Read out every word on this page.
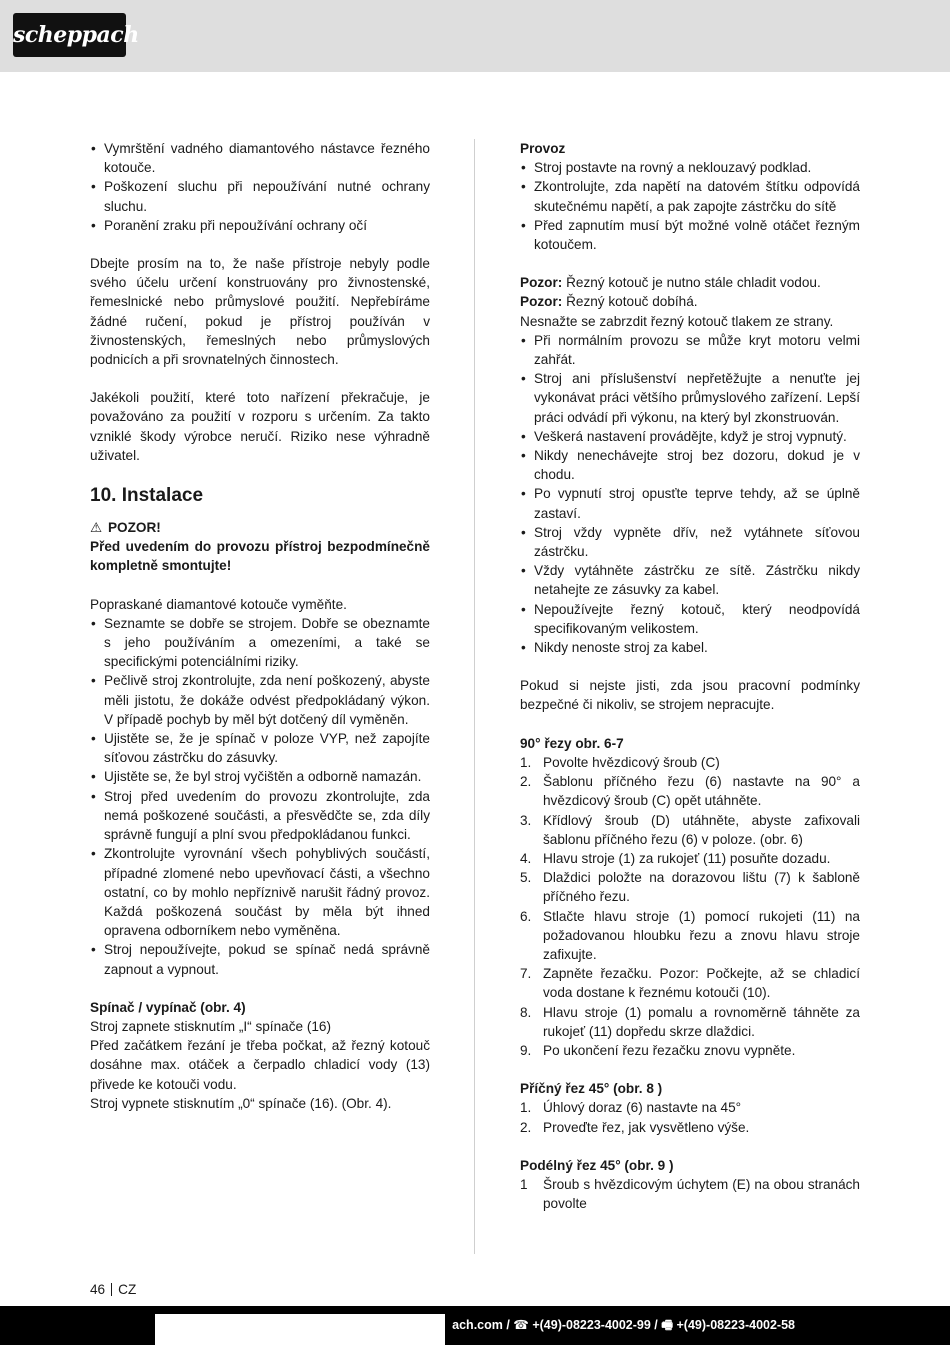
scheppach
• Vymrštění vadného diamantového nástavce řezného kotouče.
• Poškození sluchu při nepoužívání nutné ochrany sluchu.
• Poranění zraku při nepoužívání ochrany očí

Dbejte prosím na to, že naše přístroje nebyly podle svého účelu určení konstruovány pro živnostenské, řemeslnické nebo průmyslové použití. Nepřebíráme žádné ručení, pokud je přístroj používán v živnostenských, řemeslných nebo průmyslových podnicích a při srovnatelných činnostech.

Jakékoli použití, které toto nařízení překračuje, je považováno za použití v rozporu s určením. Za takto vzniklé škody výrobce neručí. Riziko nese výhradně uživatel.

10. Instalace

⚠ POZOR!

Před uvedením do provozu přístroj bezpodmínečně kompletně smontujte!

Popraskané diamantové kotouče vyměňte.

• Seznamte se dobře se strojem. Dobře se obeznamte s jeho používáním a omezeními, a také se specifickými potenciálními riziky.
• Pečlivě stroj zkontrolujte, zda není poškozený, abyste měli jistotu, že dokáže odvést předpokládaný výkon. V případě pochyb by měl být dotčený díl vyměněn.
• Ujistěte se, že je spínač v poloze VYP, než zapojíte síťovou zástrčku do zásuvky.
• Ujistěte se, že byl stroj vyčištěn a odborně namazán.
• Stroj před uvedením do provozu zkontrolujte, zda nemá poškozené součásti, a přesvědčte se, zda díly správně fungují a plní svou předpokládanou funkci.
• Zkontrolujte vyrovnání všech pohyblivých součástí, případné zlomené nebo upevňovací části, a všechno ostatní, co by mohlo nepříznivě narušit řádný provoz. Každá poškozená součást by měla být ihned opravena odborníkem nebo vyměněna.
• Stroj nepoužívejte, pokud se spínač nedá správně zapnout a vypnout.

Spínač / vypínač (obr. 4)

Stroj zapnete stisknutím „I“ spínače (16)

Před začátkem řezání je třeba počkat, až řezný kotouč dosáhne max. otáček a čerpadlo chladicí vody (13) přivede ke kotouči vodu.

Stroj vypnete stisknutím „0“ spínače (16). (Obr. 4).

Provoz

• Stroj postavte na rovný a neklouzavý podklad.
• Zkontrolujte, zda napětí na datovém štítku odpovídá skutečnému napětí, a pak zapojte zástrčku do sítě
• Před zapnutím musí být možné volně otáčet řezným kotoučem.

Pozor: Řezný kotouč je nutno stále chladit vodou.

Pozor: Řezný kotouč dobíhá.

Nesnažte se zabrzdit řezný kotouč tlakem ze strany.

• Při normálním provozu se může kryt motoru velmi zahřát.
• Stroj ani příslušenství nepřetěžujte a nenuťte jej vykonávat práci většího průmyslového zařízení. Lepší práci odvádí při výkonu, na který byl zkonstruován.
• Veškerá nastavení provádějte, když je stroj vypnutý.
• Nikdy nenechávejte stroj bez dozoru, dokud je v chodu.
• Po vypnutí stroj opusťte teprve tehdy, až se úplně zastaví.
• Stroj vždy vypněte dřív, než vytáhnete síťovou zástrčku.
• Vždy vytáhněte zástrčku ze sítě. Zástrčku nikdy netahejte ze zásuvky za kabel.
• Nepoužívejte řezný kotouč, který neodpovídá specifikovaným velikostem.
• Nikdy nenoste stroj za kabel.

Pokud si nejste jisti, zda jsou pracovní podmínky bezpečné či nikoliv, se strojem nepracujte.

90° řezy obr. 6-7

1. Povolte hvězdicový šroub (C)
2. Šablonu příčného řezu (6) nastavte na 90° a hvězdicový šroub (C) opět utáhněte.
3. Křídlový šroub (D) utáhněte, abyste zafixovali šablonu příčného řezu (6) v poloze. (obr. 6)
4. Hlavu stroje (1) za rukojeť (11) posuňte dozadu.
5. Dlaždici položte na dorazovou lištu (7) k šabloně příčného řezu.
6. Stlačte hlavu stroje (1) pomocí rukojeti (11) na požadovanou hloubku řezu a znovu hlavu stroje zafixujte.
7. Zapněte řezačku. Pozor: Počkejte, až se chladicí voda dostane k řeznému kotouči (10).
8. Hlavu stroje (1) pomalu a rovnoměrně táhněte za rukojeť (11) dopředu skrze dlaždici.
9. Po ukončení řezu řezačku znovu vypněte.

Příčný řez 45° (obr. 8 )

1. Úhlový doraz (6) nastavte na 45°
2. Proveďte řez, jak vysvětleno výše.

Podélný řez 45° (obr. 9 )

1 Šroub s hvězdicovým úchytem (E) na obou stranách povolte
46 CZ
ach.com / ☎ +(49)-08223-4002-99 / 🖷 +(49)-08223-4002-58
